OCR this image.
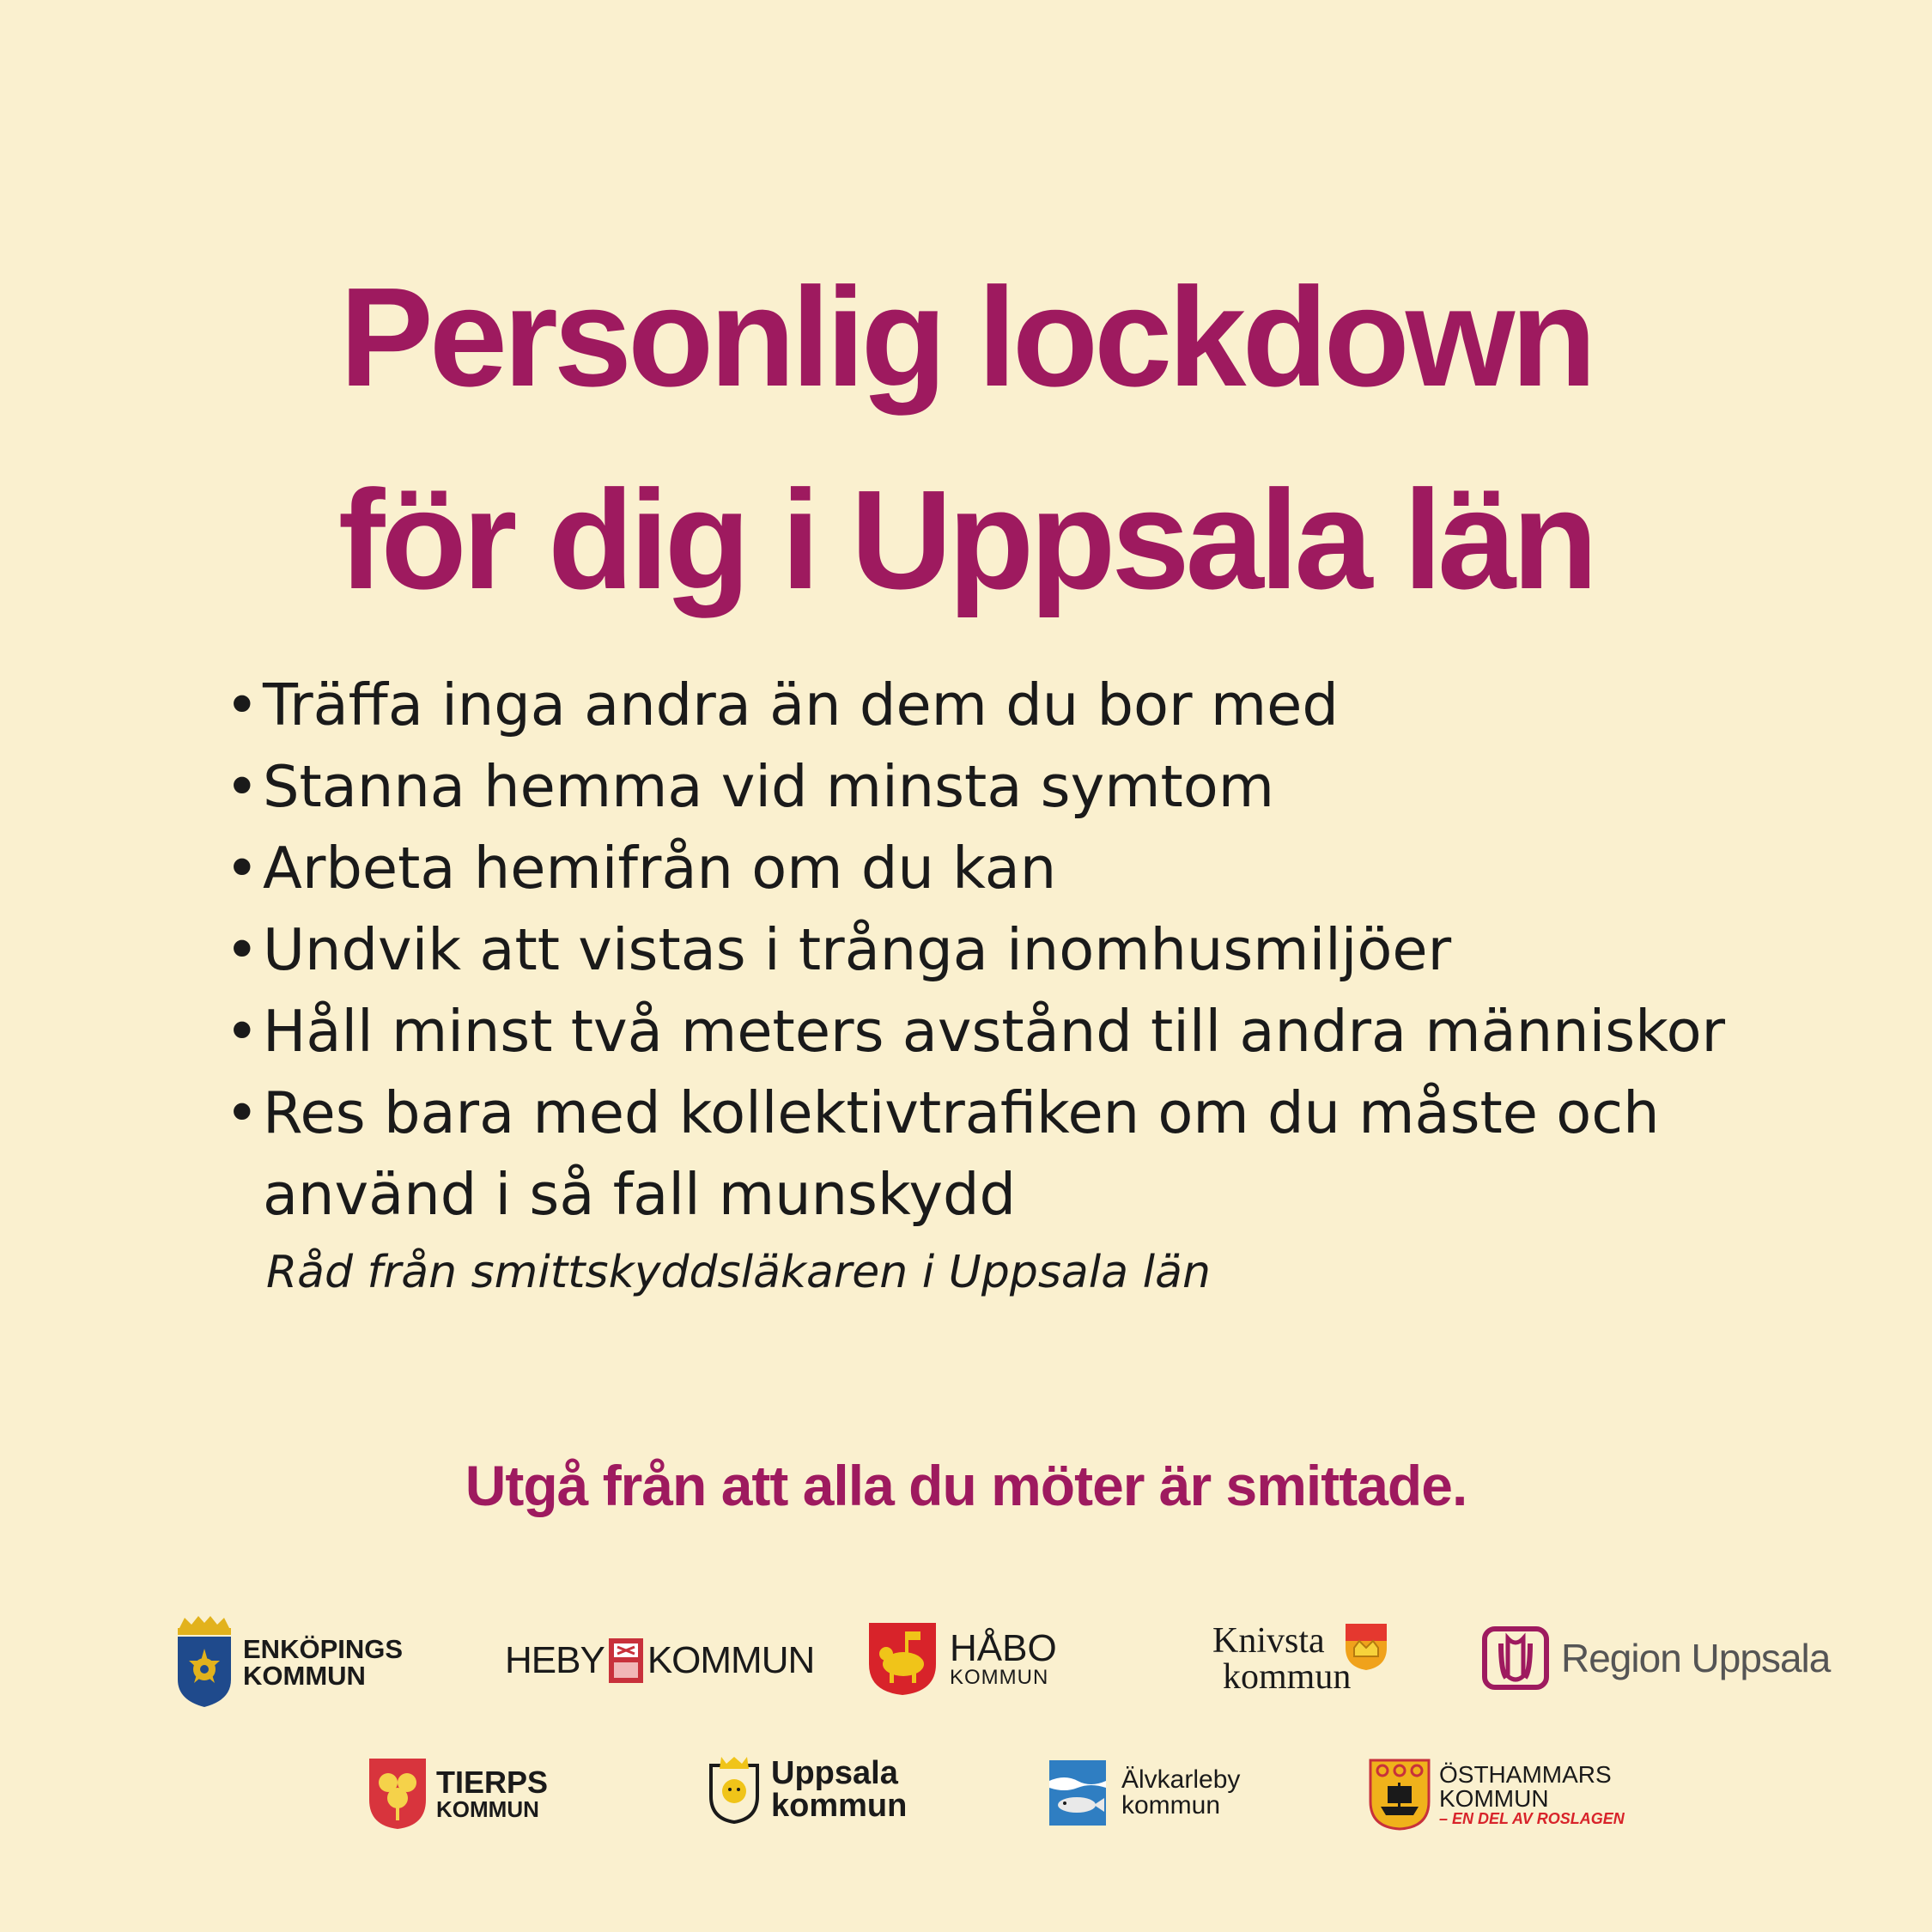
Personlig lockdown
för dig i Uppsala län
• Träffa inga andra än dem du bor med
• Stanna hemma vid minsta symtom
• Arbeta hemifrån om du kan
• Undvik att vistas i trånga inomhusmiljöer
• Håll minst två meters avstånd till andra människor
• Res bara med kollektivtrafiken om du måste och
använd i så fall munskydd
Råd från smittskyddsläkaren i Uppsala län
Utgå från att alla du möter är smittade.
ENKÖPINGS
KOMMUN	HEBY KOMMUN	HÅBO
KOMMUN
Knivsta
kommun	Region Uppsala
TIERPS
KOMMUN
Uppsala
kommun
Älvkarleby
kommun
ÖSTHAMMARS
KOMMUN
– EN DEL AV ROSLAGEN
